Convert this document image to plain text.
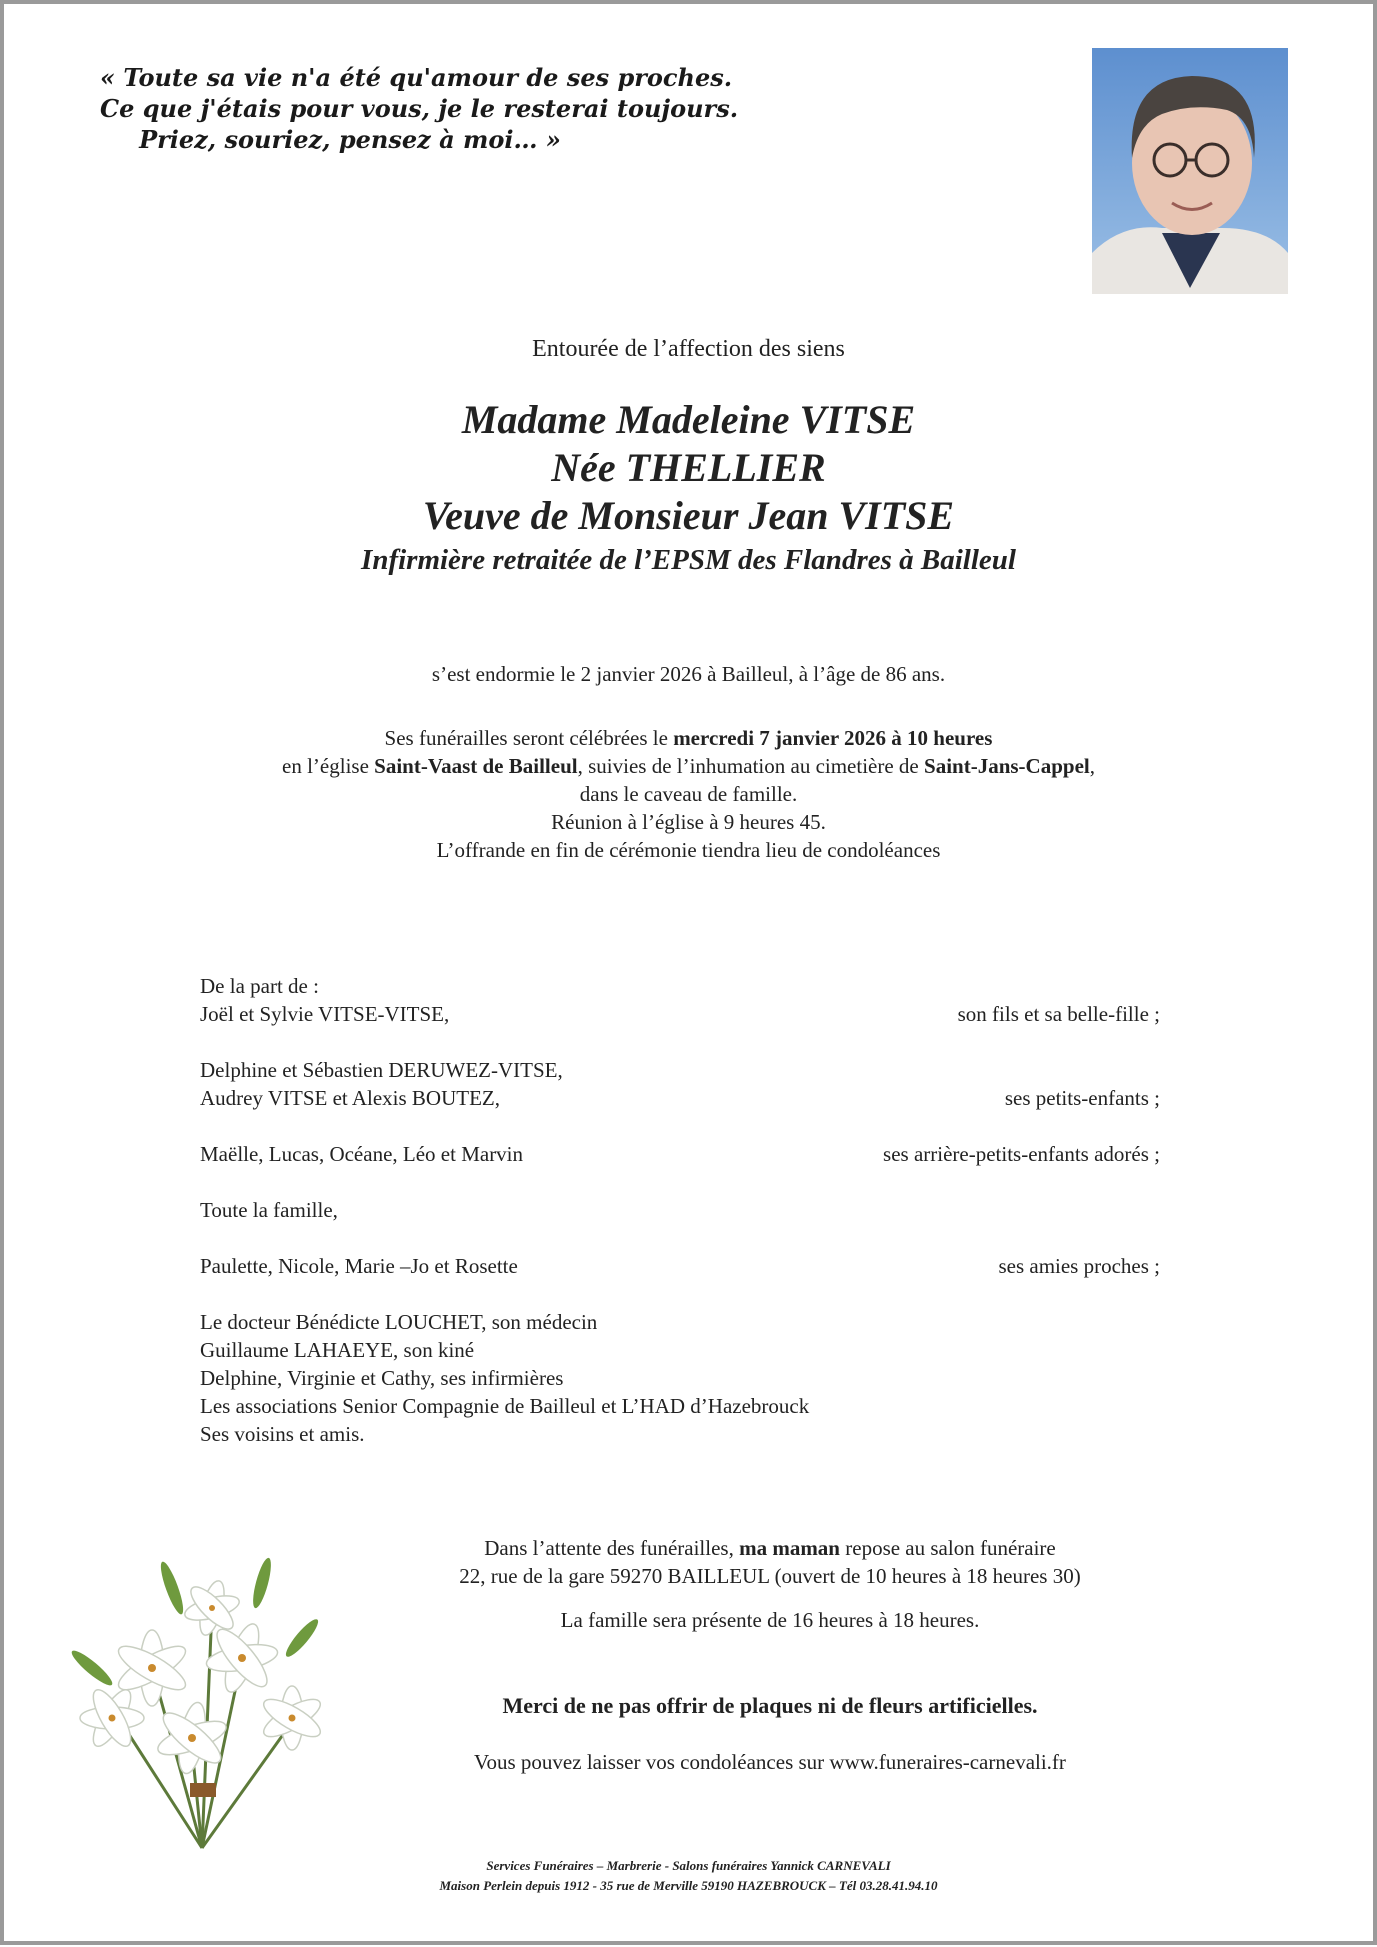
« Toute sa vie n'a été qu'amour de ses proches.
Ce que j'étais pour vous, je le resterai toujours.
Priez, souriez, pensez à moi… »
Entourée de l’affection des siens
Madame Madeleine VITSE
Née THELLIER
Veuve de Monsieur Jean VITSE
Infirmière retraitée de l’EPSM des Flandres à Bailleul
s’est endormie le 2 janvier 2026 à Bailleul, à l’âge de 86 ans.
Ses funérailles seront célébrées le mercredi 7 janvier 2026 à 10 heures
en l’église Saint-Vaast de Bailleul, suivies de l’inhumation au cimetière de Saint-Jans-Cappel,
dans le caveau de famille.
Réunion à l’église à 9 heures 45.
L’offrande en fin de cérémonie tiendra lieu de condoléances
De la part de :
Joël et Sylvie VITSE-VITSE,	son fils et sa belle-fille ;
Delphine et Sébastien DERUWEZ-VITSE,
Audrey VITSE et Alexis BOUTEZ,	ses petits-enfants ;
Maëlle, Lucas, Océane, Léo et Marvin	ses arrière-petits-enfants adorés ;
Toute la famille,
Paulette, Nicole, Marie –Jo et Rosette	ses amies proches ;
Le docteur Bénédicte LOUCHET, son médecin
Guillaume LAHAEYE, son kiné
Delphine, Virginie et Cathy, ses infirmières
Les associations Senior Compagnie de Bailleul et L’HAD d’Hazebrouck
Ses voisins et amis.
Dans l’attente des funérailles, ma maman repose au salon funéraire
22, rue de la gare 59270 BAILLEUL (ouvert de 10 heures à 18 heures 30)
La famille sera présente de 16 heures à 18 heures.
Merci de ne pas offrir de plaques ni de fleurs artificielles.
Vous pouvez laisser vos condoléances sur www.funeraires-carnevali.fr
Services Funéraires – Marbrerie - Salons funéraires Yannick CARNEVALI
Maison Perlein depuis 1912 - 35 rue de Merville 59190 HAZEBROUCK – Tél 03.28.41.94.10
